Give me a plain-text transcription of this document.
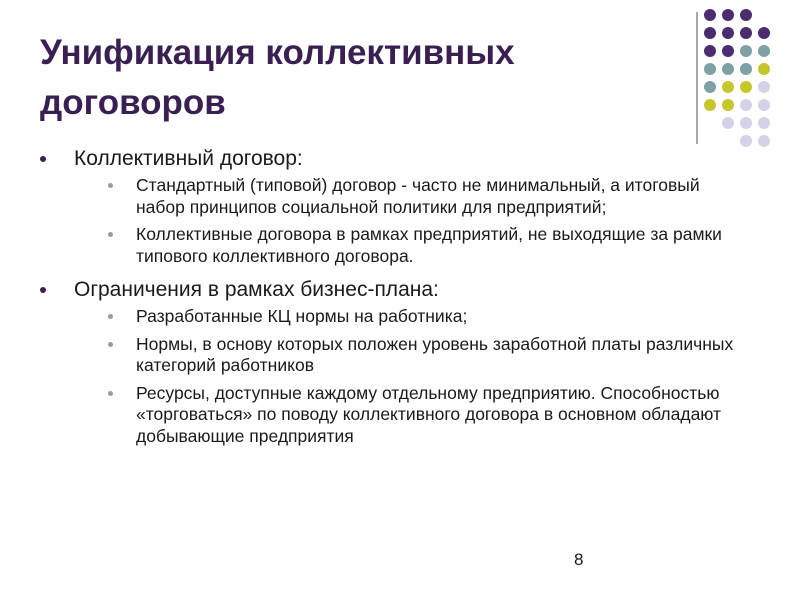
Унификация коллективных договоров
Коллективный договор:
Стандартный (типовой) договор - часто не минимальный, а итоговый набор принципов социальной политики для предприятий;
Коллективные договора в рамках предприятий, не выходящие за рамки типового коллективного договора.
Ограничения в рамках бизнес-плана:
Разработанные КЦ нормы на работника;
Нормы, в основу которых положен уровень заработной платы различных категорий работников
Ресурсы, доступные каждому отдельному предприятию. Способностью «торговаться» по поводу коллективного договора в основном обладают добывающие предприятия
8
